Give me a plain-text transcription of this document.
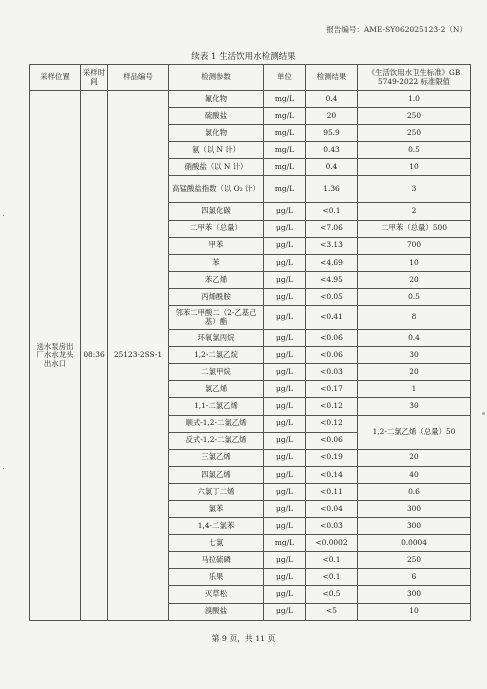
报告编号：AME-SY062025123-2（N）
续表 1 生活饮用水检测结果
采样位置	采样时间	样品编号	检测参数	单位	检测结果	《生活饮用水卫生标准》GB 5749-2022 标准限值
送水泵房出厂水水龙头出水口	08:36	25123-2SS-1	氟化物	mg/L	0.4	1.0
			硫酸盐	mg/L	20	250
			氯化物	mg/L	95.9	250
			氨（以 N 计）	mg/L	0.43	0.5
			硝酸盐（以 N 计）	mg/L	0.4	10
			高锰酸盐指数（以 O₂ 计）	mg/L	1.36	3
			四氯化碳	μg/L	<0.1	2
			二甲苯（总量）	μg/L	<7.06	二甲苯（总量）500
			甲苯	μg/L	<3.13	700
			苯	μg/L	<4.69	10
			苯乙烯	μg/L	<4.95	20
			丙烯酰胺	μg/L	<0.05	0.5
			邻苯二甲酸二（2-乙基己基）酯	μg/L	<0.41	8
			环氧氯丙烷	μg/L	<0.06	0.4
			1,2-二氯乙烷	μg/L	<0.06	30
			二氯甲烷	μg/L	<0.03	20
			氯乙烯	μg/L	<0.17	1
			1,1-二氯乙烯	μg/L	<0.12	30
			顺式-1,2-二氯乙烯	μg/L	<0.12	1,2-二氯乙烯（总量）50
			反式-1,2-二氯乙烯	μg/L	<0.06	
			三氯乙烯	μg/L	<0.19	20
			四氯乙烯	μg/L	<0.14	40
			六氯丁二烯	μg/L	<0.11	0.6
			氯苯	μg/L	<0.04	300
			1,4-二氯苯	μg/L	<0.03	300
			七氯	mg/L	<0.0002	0.0004
			马拉硫磷	μg/L	<0.1	250
			乐果	μg/L	<0.1	6
			灭草松	μg/L	<0.5	300
			溴酸盐	μg/L	<5	10
第 9 页，共 11 页
